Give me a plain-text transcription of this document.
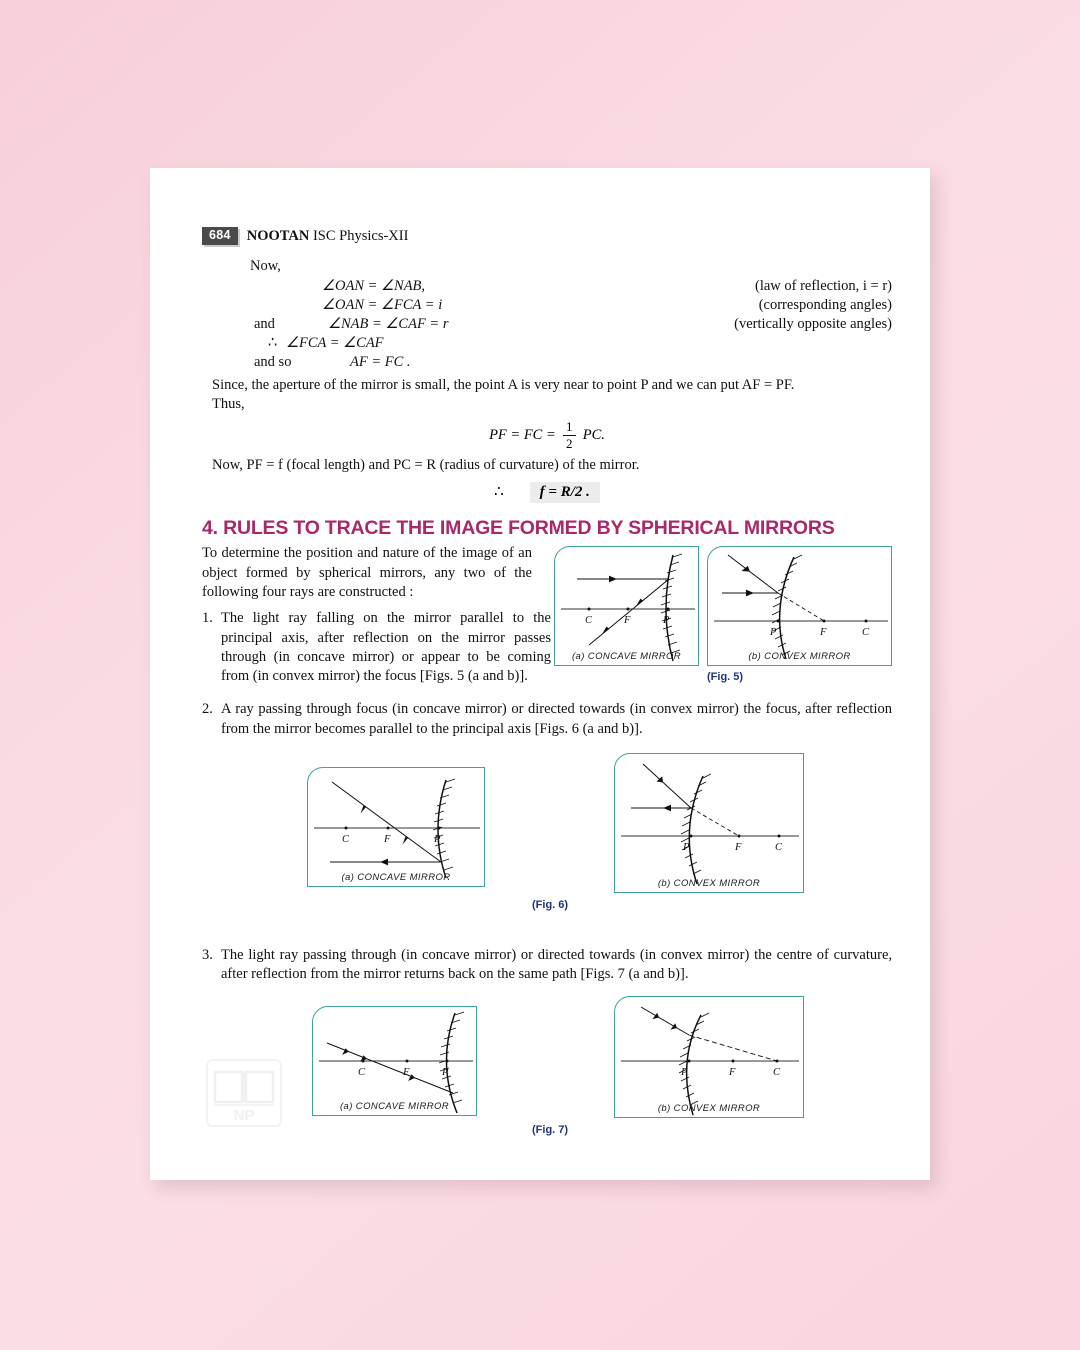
684	NOOTAN ISC Physics-XII
Now,
∠OAN = ∠NAB,	(law of reflection, i = r)
∠OAN = ∠FCA = i	(corresponding angles)
and	∠NAB = ∠CAF = r	(vertically opposite angles)
∴ ∠FCA = ∠CAF
and so	AF = FC .
Since, the aperture of the mirror is small, the point A is very near to point P and we can put AF = PF.
Thus,
PF = FC = $\frac{1}{2}$ PC.
Now, PF = f (focal length) and PC = R (radius of curvature) of the mirror.
∴ f = R/2 .
4. RULES TO TRACE THE IMAGE FORMED BY SPHERICAL MIRRORS
To determine the position and nature of the image of an object formed by spherical mirrors, any two of the following four rays are constructed :
1. The light ray falling on the mirror parallel to the principal axis, after reflection on the mirror passes through (in concave mirror) or appear to be coming from (in convex mirror) the focus [Figs. 5 (a and b)].
C	F	P
(a) CONCAVE MIRROR
P	F	C
(b) CONVEX MIRROR
(Fig. 5)
2. A ray passing through focus (in concave mirror) or directed towards (in convex mirror) the focus, after reflection from the mirror becomes parallel to the principal axis [Figs. 6 (a and b)].
C	F	P
(a) CONCAVE MIRROR
P	F	C
(b) CONVEX MIRROR
(Fig. 6)
3. The light ray passing through (in concave mirror) or directed towards (in convex mirror) the centre of curvature, after reflection from the mirror returns back on the same path [Figs. 7 (a and b)].
C	F	P
(a) CONCAVE MIRROR
P	F	C
(b) CONVEX MIRROR
(Fig. 7)
NP
